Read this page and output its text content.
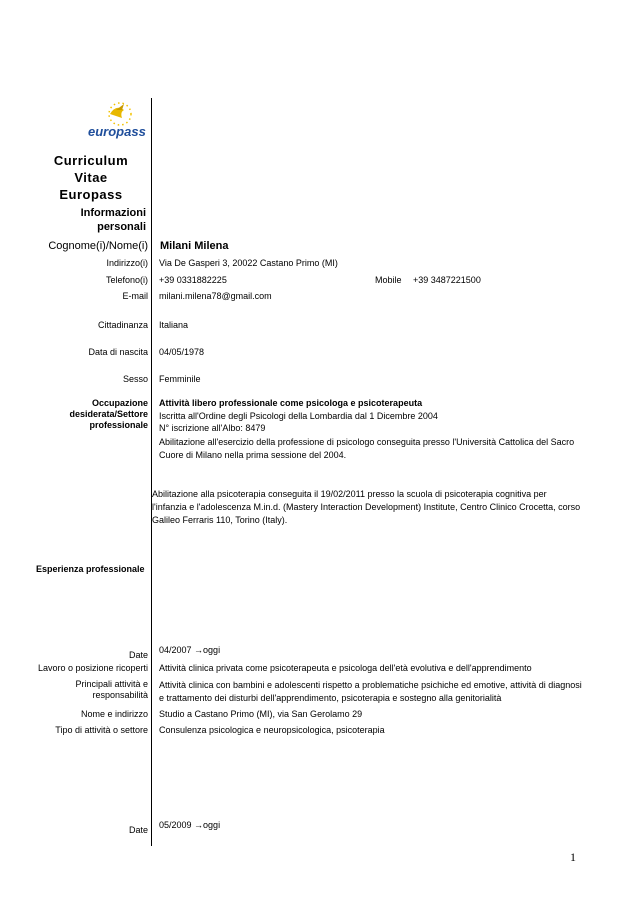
europass
Curriculum Vitae
Europass
Informazioni
personali
Cognome(i)/Nome(i) Milani Milena
Indirizzo(i) Via De Gasperi 3, 20022 Castano Primo (MI)
Telefono(i) +39 0331882225	Mobile +39 3487221500
E-mail milani.milena78@gmail.com
Cittadinanza Italiana
Data di nascita 04/05/1978
Sesso Femminile
Occupazione desiderata/Settore professionale
Attività libero professionale come psicologa e psicoterapeuta
Iscritta all'Ordine degli Psicologi della Lombardia dal 1 Dicembre 2004
N° iscrizione all'Albo: 8479
Abilitazione all'esercizio della professione di psicologo conseguita presso l'Università Cattolica del Sacro Cuore di Milano nella prima sessione del 2004.
Abilitazione alla psicoterapia conseguita il 19/02/2011 presso la scuola di psicoterapia cognitiva per l'infanzia e l'adolescenza M.in.d. (Mastery Interaction Development) Institute, Centro Clinico Crocetta, corso Galileo Ferraris 110, Torino (Italy).
Esperienza professionale
Date 04/2007 →oggi
Lavoro o posizione ricoperti Attività clinica privata come psicoterapeuta e psicologa dell'età evolutiva e dell'apprendimento
Principali attività e responsabilità
Attività clinica con bambini e adolescenti rispetto a problematiche psichiche ed emotive, attività di diagnosi e trattamento dei disturbi dell'apprendimento, psicoterapia e sostegno alla genitorialità
Nome e indirizzo Studio a Castano Primo (MI), via San Gerolamo 29
Tipo di attività o settore Consulenza psicologica e neuropsicologica, psicoterapia
Date 05/2009 →oggi
1
